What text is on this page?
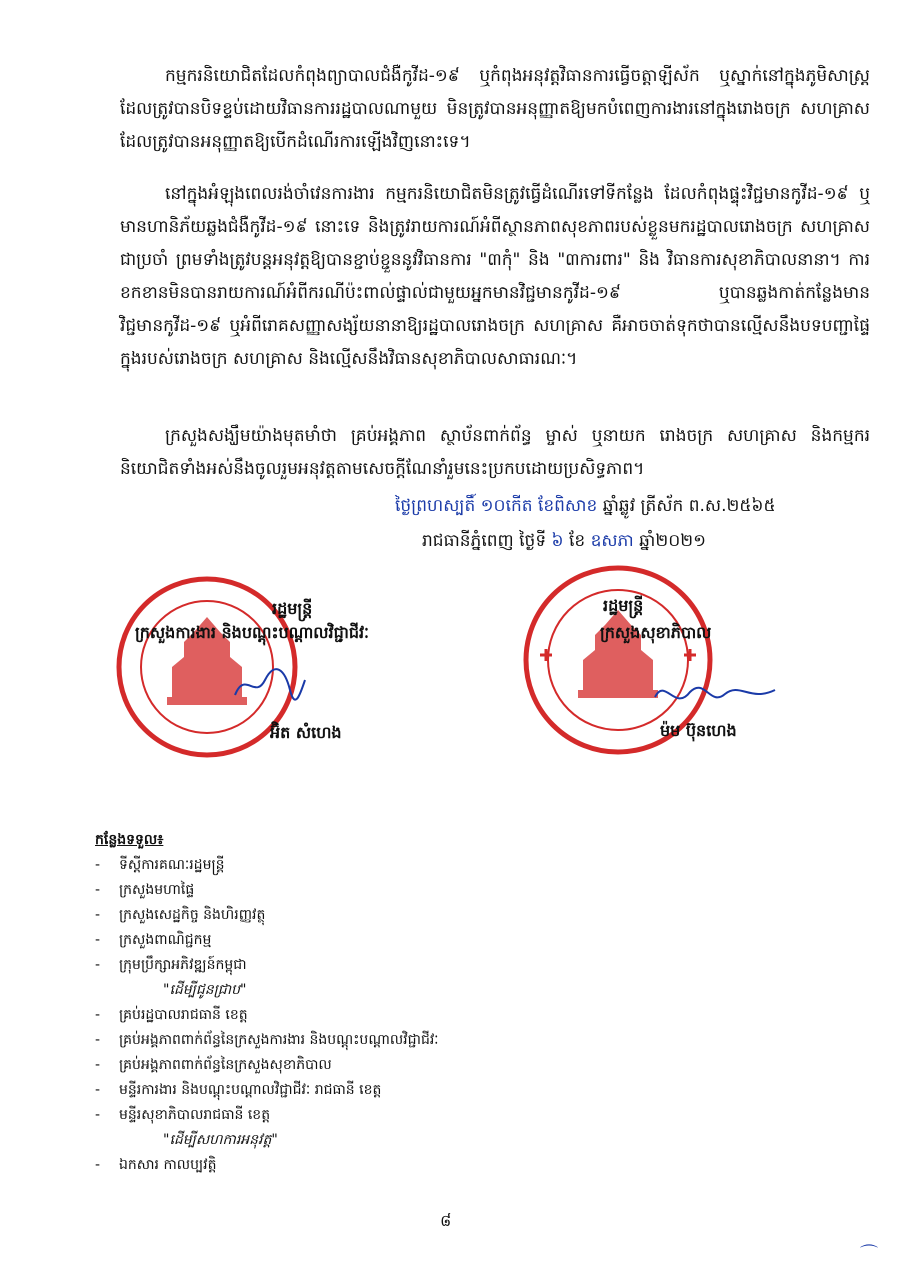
កម្មករនិយោជិតដែលកំពុងព្យាបាលជំងឺកូវីដ-១៩ ឬកំពុងអនុវត្តវិធានការធ្វើចត្តាឡីស័ក ឬស្នាក់នៅក្នុងភូមិសាស្ត្រ ដែលត្រូវបានបិទខ្ទប់ដោយវិធានការរដ្ឋបាលណាមួយ មិនត្រូវបានអនុញ្ញាតឱ្យមកបំពេញការងារនៅក្នុងរោងចក្រ សហគ្រាស ដែលត្រូវបានអនុញ្ញាតឱ្យបើកដំណើរការឡើងវិញនោះទេ។
នៅក្នុងអំឡុងពេលរង់ចាំវេនការងារ កម្មករនិយោជិតមិនត្រូវធ្វើដំណើរទៅទីកន្លែង ដែលកំពុងផ្ទុះវិជ្ជមានកូវីដ-១៩ ឬមានហានិភ័យឆ្លងជំងឺកូវីដ-១៩ នោះទេ និងត្រូវរាយការណ៍អំពីស្ថានភាពសុខភាពរបស់ខ្លួនមករដ្ឋបាលរោងចក្រ សហគ្រាសជាប្រចាំ ព្រមទាំងត្រូវបន្តអនុវត្តឱ្យបានខ្ជាប់ខ្ជួននូវវិធានការ "៣កុំ" និង "៣ការពារ" និង វិធានការសុខាភិបាលនានា។ ការខកខានមិនបានរាយការណ៍អំពីករណីប៉ះពាល់ផ្ទាល់ជាមួយអ្នកមានវិជ្ជមានកូវីដ-១៩ ឬបានឆ្លងកាត់កន្លែងមានវិជ្ជមានកូវីដ-១៩ ឬអំពីរោគសញ្ញាសង្ស័យនានាឱ្យរដ្ឋបាលរោងចក្រ សហគ្រាស គឺអាចចាត់ទុកថាបានល្មើសនឹងបទបញ្ជាផ្ទៃក្នុងរបស់រោងចក្រ សហគ្រាស និងល្មើសនឹងវិធានសុខាភិបាលសាធារណៈ។
ក្រសួងសង្ឃឹមយ៉ាងមុតមាំថា គ្រប់អង្គភាព ស្ថាប័នពាក់ព័ន្ធ ម្ចាស់ ឬនាយក រោងចក្រ សហគ្រាស និងកម្មករនិយោជិតទាំងអស់នឹងចូលរួមអនុវត្តតាមសេចក្តីណែនាំរួមនេះប្រកបដោយប្រសិទ្ធភាព។
ថ្ងៃព្រហស្បតិ៍ ១០កើត ខែពិសាខ ឆ្នាំឆ្លូវ ត្រីស័ក ព.ស.២៥៦៥
រាជធានីភ្នំពេញ ថ្ងៃទី ៦ ខែ ឧសភា ឆ្នាំ២០២១
រដ្ឋមន្ត្រី
ក្រសួងការងារ និងបណ្តុះបណ្តាលវិជ្ជាជីវៈ
អ៊ិត សំហេង
រដ្ឋមន្ត្រី
ក្រសួងសុខាភិបាល
ម៉ម ប៊ុនហេង
កន្លែងទទួល៖
-	ទីស្តីការគណៈរដ្ឋមន្ត្រី
-	ក្រសួងមហាផ្ទៃ
-	ក្រសួងសេដ្ឋកិច្ច និងហិរញ្ញវត្ថុ
-	ក្រសួងពាណិជ្ជកម្ម
-	ក្រុមប្រឹក្សាអភិវឌ្ឍន៍កម្ពុជា
"ដើម្បីជូនជ្រាប"
-	គ្រប់រដ្ឋបាលរាជធានី ខេត្ត
-	គ្រប់អង្គភាពពាក់ព័ន្ធនៃក្រសួងការងារ និងបណ្តុះបណ្តាលវិជ្ជាជីវៈ
-	គ្រប់អង្គភាពពាក់ព័ន្ធនៃក្រសួងសុខាភិបាល
-	មន្ទីរការងារ និងបណ្តុះបណ្តាលវិជ្ជាជីវៈ រាជធានី ខេត្ត
-	មន្ទីរសុខាភិបាលរាជធានី ខេត្ត
"ដើម្បីសហការអនុវត្ត"
-	ឯកសារ កាលប្បវត្តិ
៨
⌒
